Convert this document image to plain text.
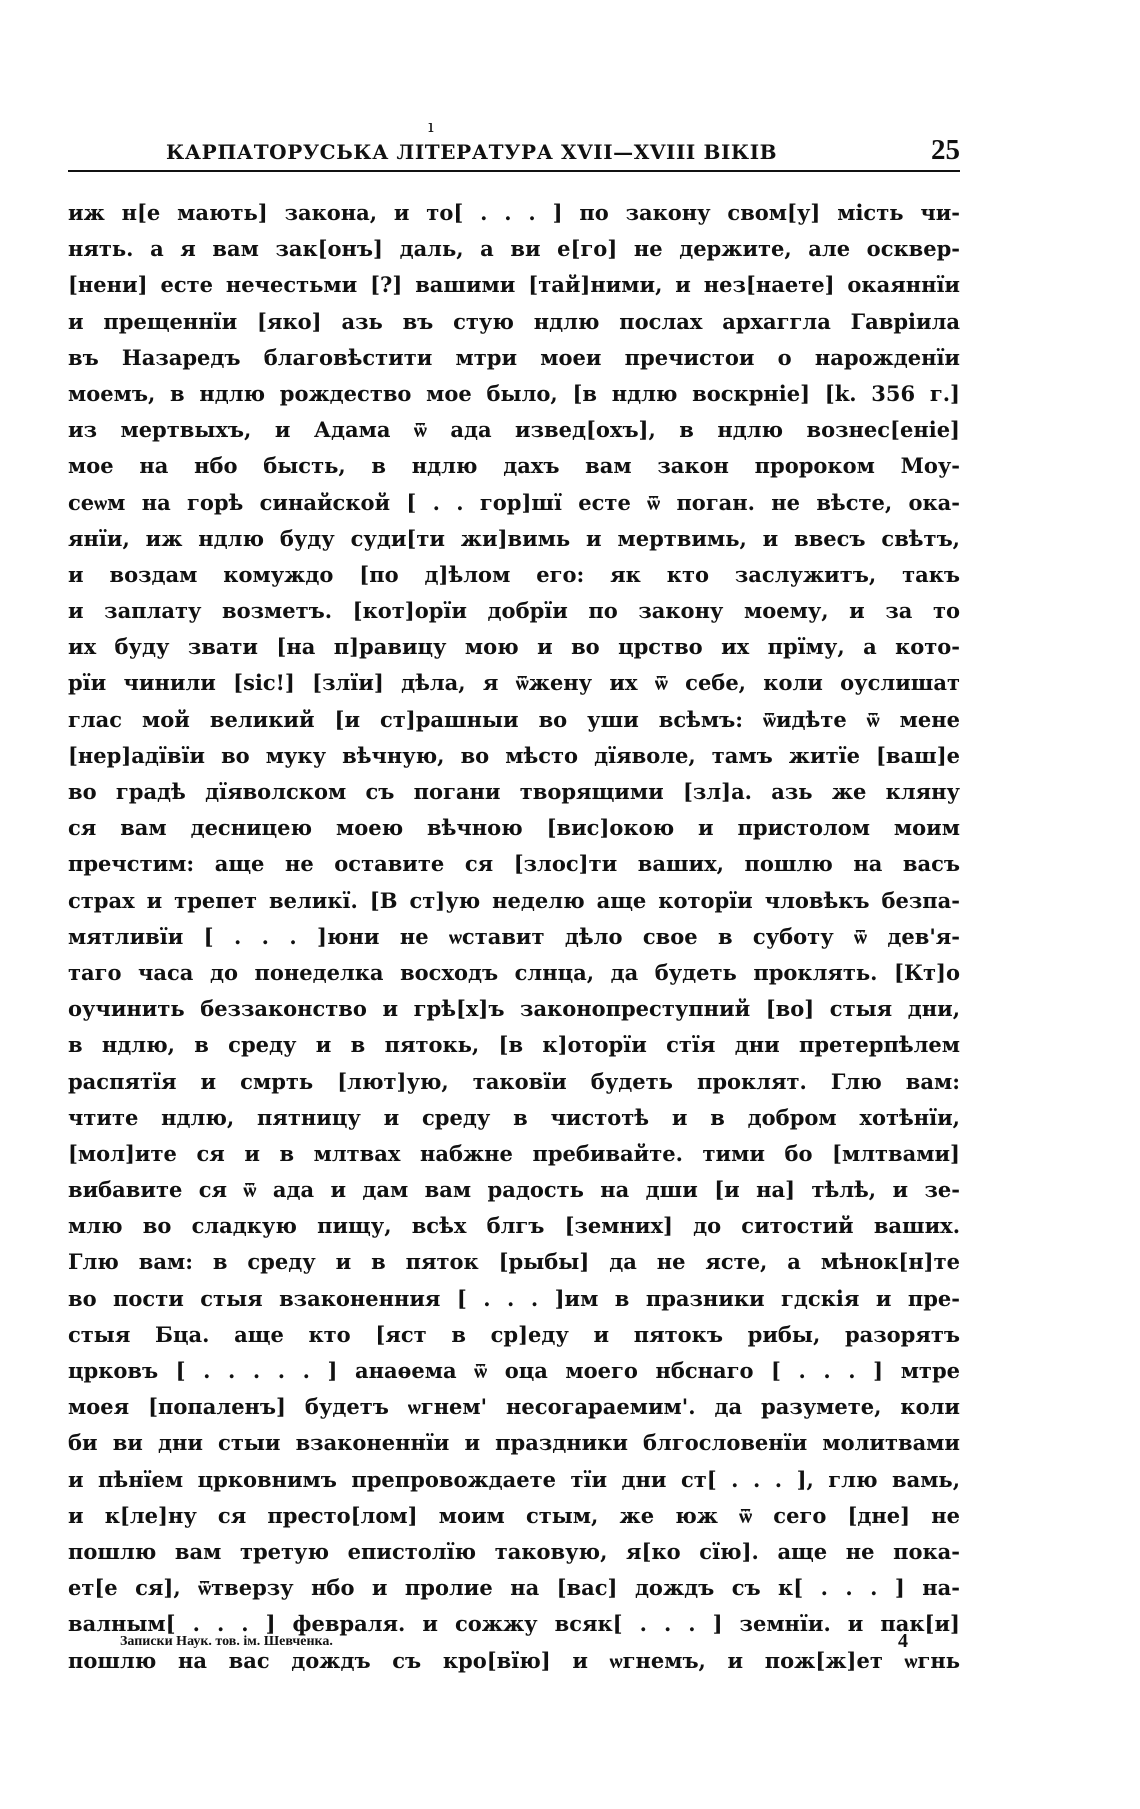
ı
КАРПАТОРУСЬКА ЛІТЕРАТУРА XVII—XVIII ВІКІВ	25
иж н[е мають] закона, и то[ . . . ] по закону свом[у] мість чи-
нять. а я вам зак[онъ] даль, а ви е[го] не держите, але осквер-
[нени] есте нечестьми [?] вашими [тай]ними, и нез[наете] окаяннїи
и прещеннїи [яко] азь въ стую ндлю послах архаггла Гавріила
въ Назаредъ благовѣстити мтри моеи пречистои о нарожденїи
моемъ, в ндлю рождество мое было, [в ндлю воскрніе] [k. 356 г.]
из мертвыхъ, и Адама ѿ ада извед[охъ], в ндлю вознес[еніе]
мое на нбо бысть, в ндлю дахъ вам закон пророком Моу-
сеѡм на горѣ синайской [ . . гор]шї есте ѿ поган. не вѣсте, ока-
янїи, иж ндлю буду суди[ти жи]вимь и мертвимь, и ввесъ свѣтъ,
и воздам комуждо [по д]ѣлом его: як кто заслужитъ, такъ
и заплату возметъ. [кот]орїи добрїи по закону моему, и за то
их буду звати [на п]равицу мою и во црство их прїму, а котo-
рїи чинили [sic!] [злїи] дѣла, я ѿжену их ѿ себе, коли оуслишат
глас мой великий [и ст]рашныи во уши всѣмъ: ѿидѣте ѿ мене
[нер]адївїи во муку вѣчную, во мѣсто дїяволе, тамъ житїе [ваш]е
во градѣ дїяволском съ погани творящими [зл]а. азь же кляну
ся вам десницею моею вѣчною [вис]окою и пристолом моим
пречстим: аще не оставите ся [злос]ти ваших, пошлю на васъ
страх и трепет великї. [В ст]ую неделю аще которїи чловѣкъ безпа-
мятливїи [ . . . ]юни не ѡставит дѣло свое в суботу ѿ дев'я-
таго часа до понеделка восходъ слнца, да будеть проклять. [Кт]о
оучинить беззаконство и грѣ[х]ъ законопреступний [во] стыя дни,
в ндлю, в среду и в пятокь, [в к]оторїи стїя дни претерпѣлем
распятїя и смрть [лют]ую, таковїи будеть проклят. Глю вам:
чтите ндлю, пятницу и среду в чистотѣ и в добром хотѣнїи,
[мол]ите ся и в млтвах набжне пребивайте. тими бо [млтвами]
вибавите ся ѿ ада и дам вам радость на дши [и на] тѣлѣ, и зе-
млю во сладкую пищу, всѣх блгъ [земних] до ситостий ваших.
Глю вам: в среду и в пяток [рыбы] да не ясте, а мѣнок[н]те
во пости стыя взаконенния [ . . . ]им в празники гдскія и пре-
стыя Бца. аще кто [яст в ср]еду и пятокъ рибы, разорятъ
црковъ [ . . . . . ] анаѳема ѿ оца моего нбснаго [ . . . ] мтре
моея [попаленъ] будетъ ѡгнем' несогараемим'. да разумете, коли
би ви дни стыи взаконеннїи и праздники блгословенїи молитвами
и пѣнїем црковнимъ препровождаете тїи дни ст[ . . . ], глю вамь,
и к[ле]ну ся престо[лом] моим стым, же юж ѿ сего [дне] не
пошлю вам третую епистолїю таковую, я[ко сїю]. аще не пока-
ет[е ся], ѿтверзу нбо и пролие на [вас] дождъ съ к[ . . . ] на-
валным[ . . . ] февраля. и сожжу всяк[ . . . ] земнїи. и пак[и]
пошлю на вас дождъ съ кро[вїю] и ѡгнемъ, и пож[ж]ет ѡгнь
Записки Наук. тов. ім. Шевченка.	4
